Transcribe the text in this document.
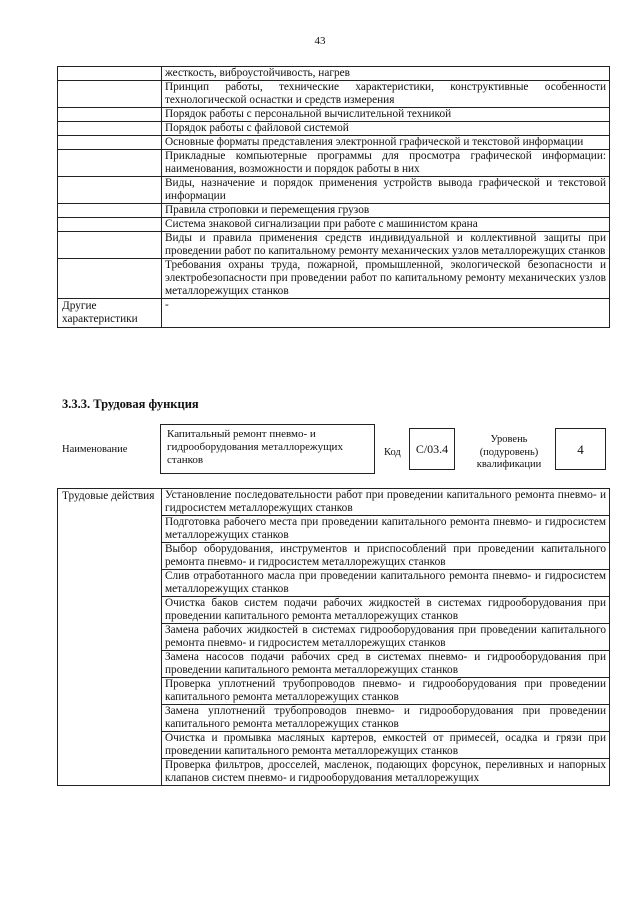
43
	жесткость, виброустойчивость, нагрев
	Принцип работы, технические характеристики, конструктивные особенности технологической оснастки и средств измерения
	Порядок работы с персональной вычислительной техникой
	Порядок работы с файловой системой
	Основные форматы представления электронной графической и текстовой информации
	Прикладные компьютерные программы для просмотра графической информации: наименования, возможности и порядок работы в них
	Виды, назначение и порядок применения устройств вывода графической и текстовой информации
	Правила строповки и перемещения грузов
	Система знаковой сигнализации при работе с машинистом крана
	Виды и правила применения средств индивидуальной и коллективной защиты при проведении работ по капитальному ремонту механических узлов металлорежущих станков
	Требования охраны труда, пожарной, промышленной, экологической безопасности и электробезопасности при проведении работ по капитальному ремонту механических узлов металлорежущих станков
Другие характеристики	-
3.3.3. Трудовая функция
Наименование
Капитальный ремонт пневмо- и гидрооборудования металлорежущих станков
Код	C/03.4
Уровень (подуровень) квалификации
4
Трудовые действия	Установление последовательности работ при проведении капитального ремонта пневмо- и гидросистем металлорежущих станков
Подготовка рабочего места при проведении капитального ремонта пневмо- и гидросистем металлорежущих станков
Выбор оборудования, инструментов и приспособлений при проведении капитального ремонта пневмо- и гидросистем металлорежущих станков
Слив отработанного масла при проведении капитального ремонта пневмо- и гидросистем металлорежущих станков
Очистка баков систем подачи рабочих жидкостей в системах гидрооборудования при проведении капитального ремонта металлорежущих станков
Замена рабочих жидкостей в системах гидрооборудования при проведении капитального ремонта пневмо- и гидросистем металлорежущих станков
Замена насосов подачи рабочих сред в системах пневмо- и гидрооборудования при проведении капитального ремонта металлорежущих станков
Проверка уплотнений трубопроводов пневмо- и гидрооборудования при проведении капитального ремонта металлорежущих станков
Замена уплотнений трубопроводов пневмо- и гидрооборудования при проведении капитального ремонта металлорежущих станков
Очистка и промывка масляных картеров, емкостей от примесей, осадка и грязи при проведении капитального ремонта металлорежущих станков
Проверка фильтров, дросселей, масленок, подающих форсунок, переливных и напорных клапанов систем пневмо- и гидрооборудования металлорежущих
